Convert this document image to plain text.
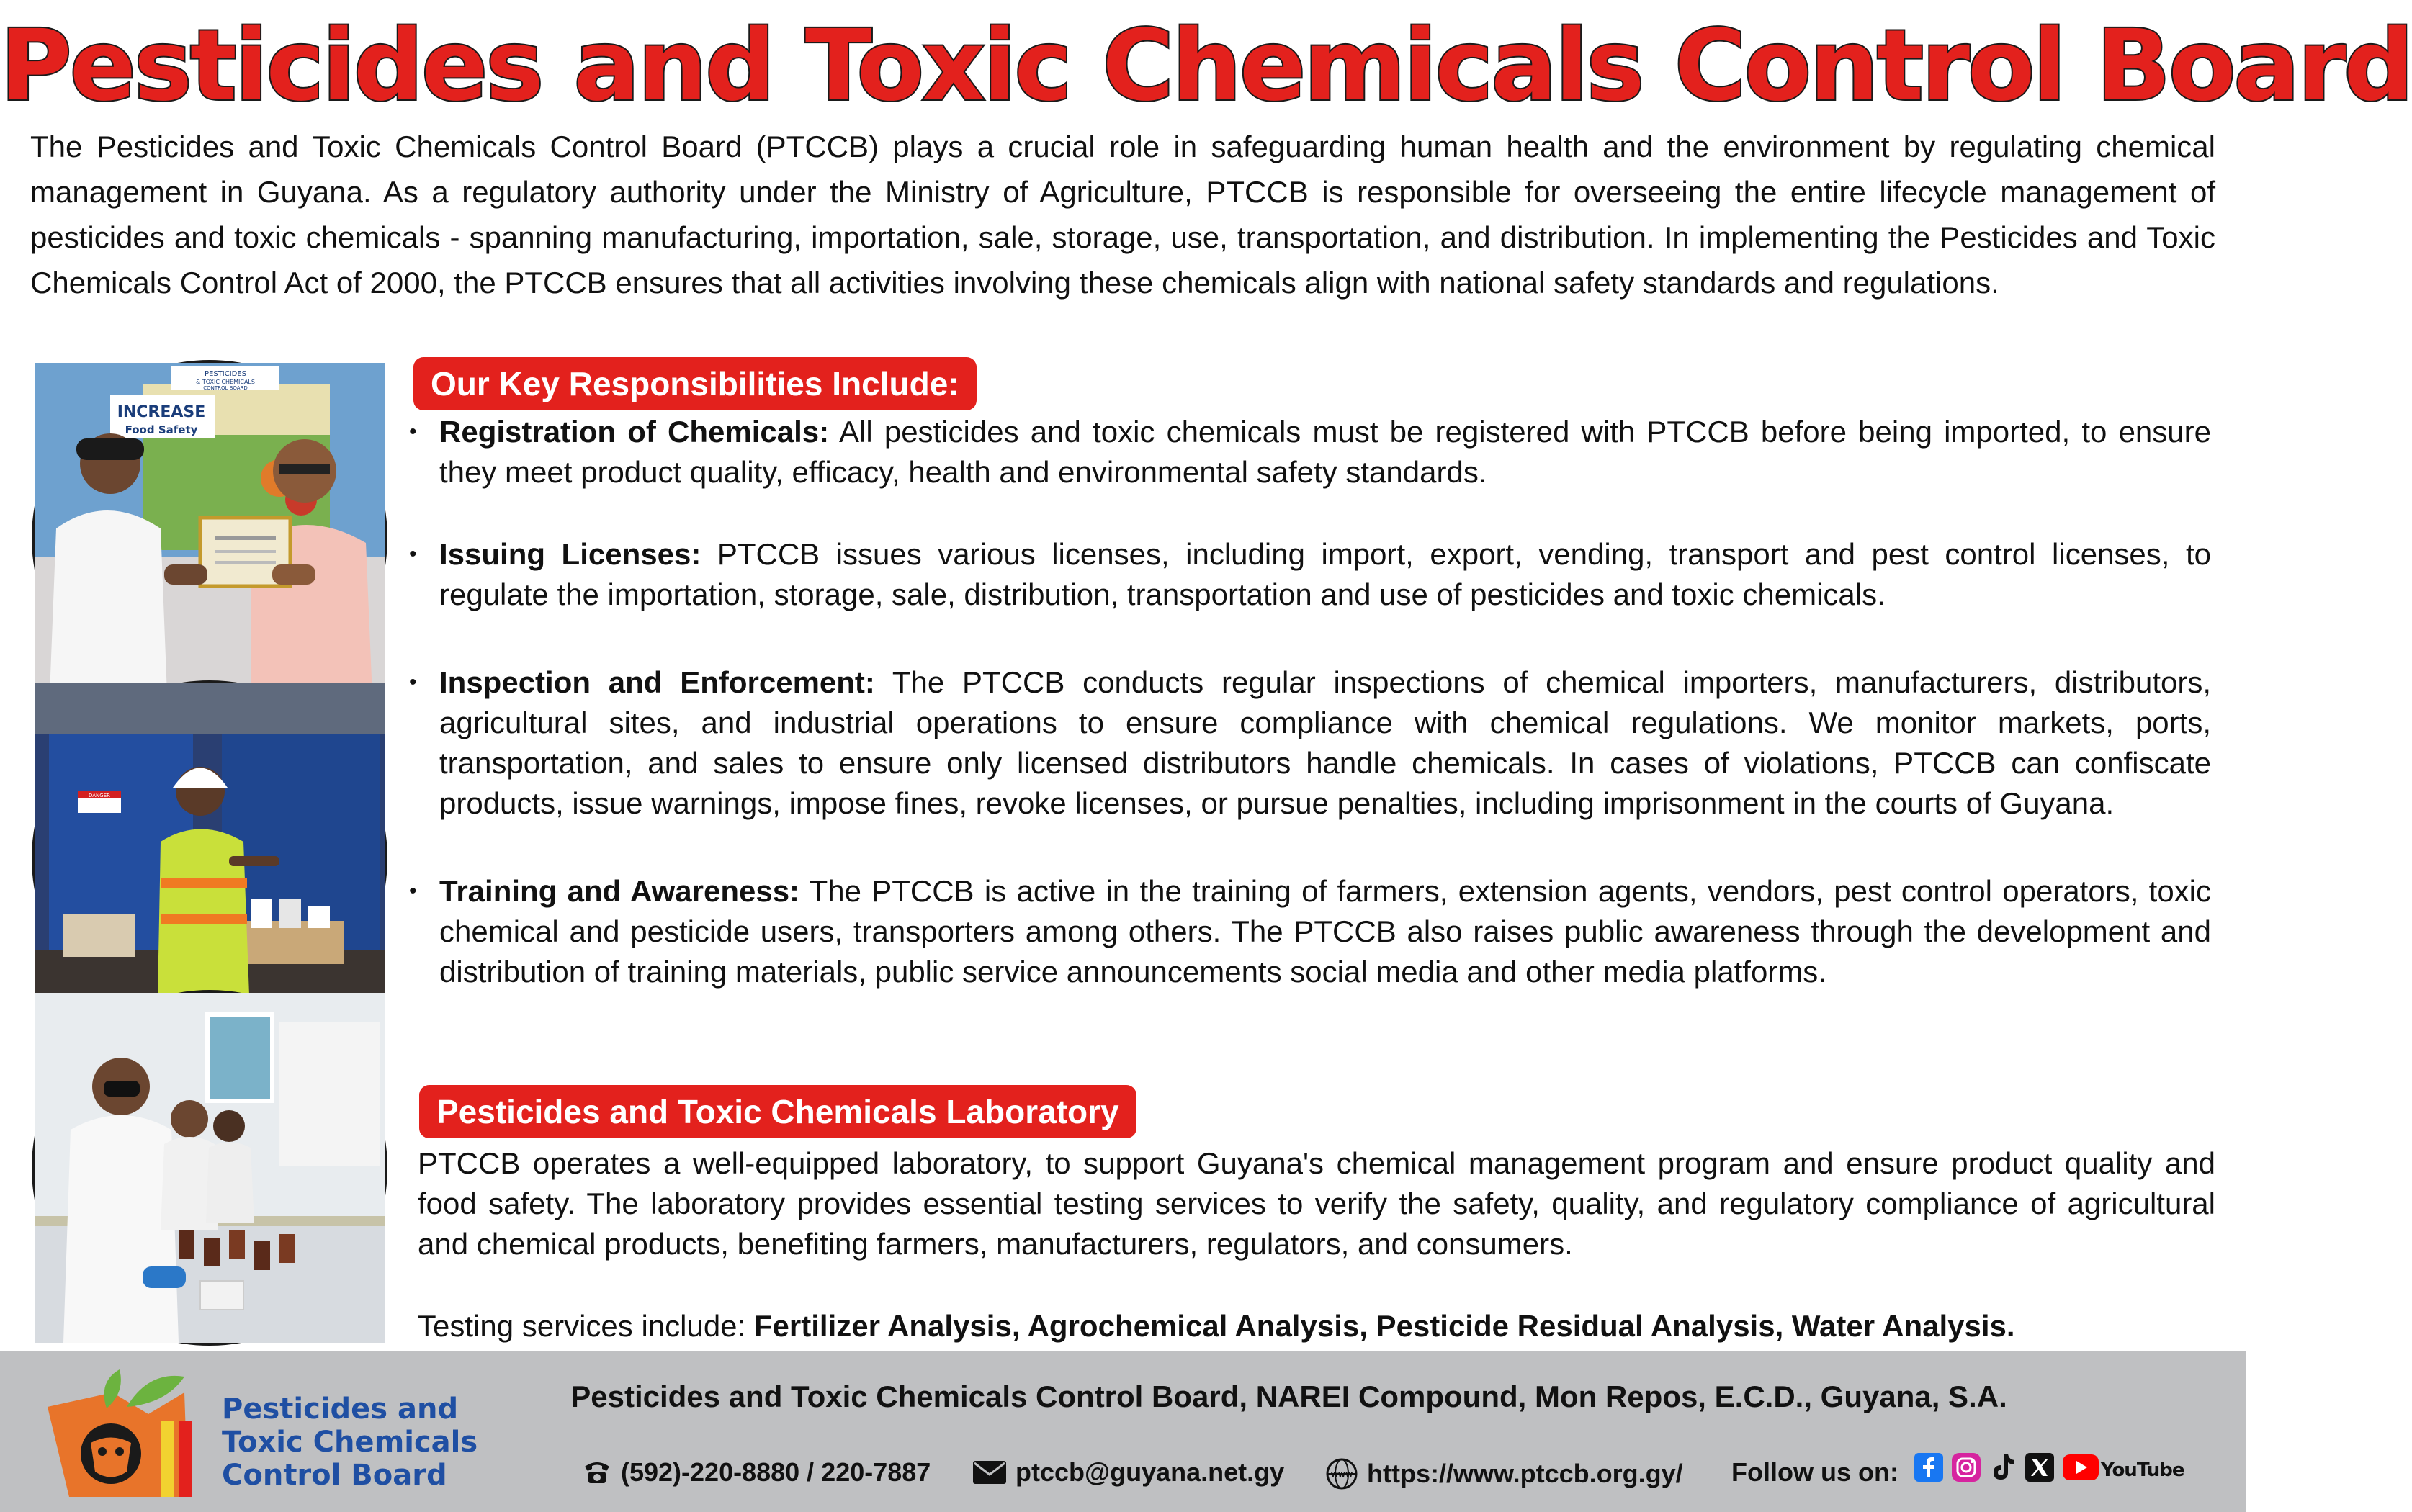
Pesticides and Toxic Chemicals Control Board

The Pesticides and Toxic Chemicals Control Board (PTCCB) plays a crucial role in safeguarding human health and the environment by regulating chemical management in Guyana. As a regulatory authority under the Ministry of Agriculture, PTCCB is responsible for overseeing the entire lifecycle management of pesticides and toxic chemicals - spanning manufacturing, importation, sale, storage, use, transportation, and distribution. In implementing the Pesticides and Toxic Chemicals Control Act of 2000, the PTCCB ensures that all activities involving these chemicals align with national safety standards and regulations.

Our Key Responsibilities Include:
• Registration of Chemicals: All pesticides and toxic chemicals must be registered with PTCCB before being imported, to ensure they meet product quality, efficacy, health and environmental safety standards.
• Issuing Licenses: PTCCB issues various licenses, including import, export, vending, transport and pest control licenses, to regulate the importation, storage, sale, distribution, transportation and use of pesticides and toxic chemicals.
• Inspection and Enforcement: The PTCCB conducts regular inspections of chemical importers, manufacturers, distributors, agricultural sites, and industrial operations to ensure compliance with chemical regulations. We monitor markets, ports, transportation, and sales to ensure only licensed distributors handle chemicals. In cases of violations, PTCCB can confiscate products, issue warnings, impose fines, revoke licenses, or pursue penalties, including imprisonment in the courts of Guyana.
• Training and Awareness: The PTCCB is active in the training of farmers, extension agents, vendors, pest control operators, toxic chemical and pesticide users, transporters among others. The PTCCB also raises public awareness through the development and distribution of training materials, public service announcements social media and other media platforms.
Pesticides and Toxic Chemicals Laboratory

PTCCB operates a well-equipped laboratory, to support Guyana's chemical management program and ensure product quality and food safety. The laboratory provides essential testing services to verify the safety, quality, and regulatory compliance of agricultural and chemical products, benefiting farmers, manufacturers, regulators, and consumers.

Testing services include: Fertilizer Analysis, Agrochemical Analysis, Pesticide Residual Analysis, Water Analysis.

INCREASE
Food Safety
PESTICIDES
& TOXIC CHEMICALS
CONTROL BOARD
DANGER
Pesticides and
Toxic Chemicals
Control Board
Pesticides and Toxic Chemicals Control Board, NAREI Compound, Mon Repos, E.C.D., Guyana, S.A.
(592)-220-8880 / 220-7887	ptccb@guyana.net.gy	www https://www.ptccb.org.gy/ Follow us on:	YouTube
